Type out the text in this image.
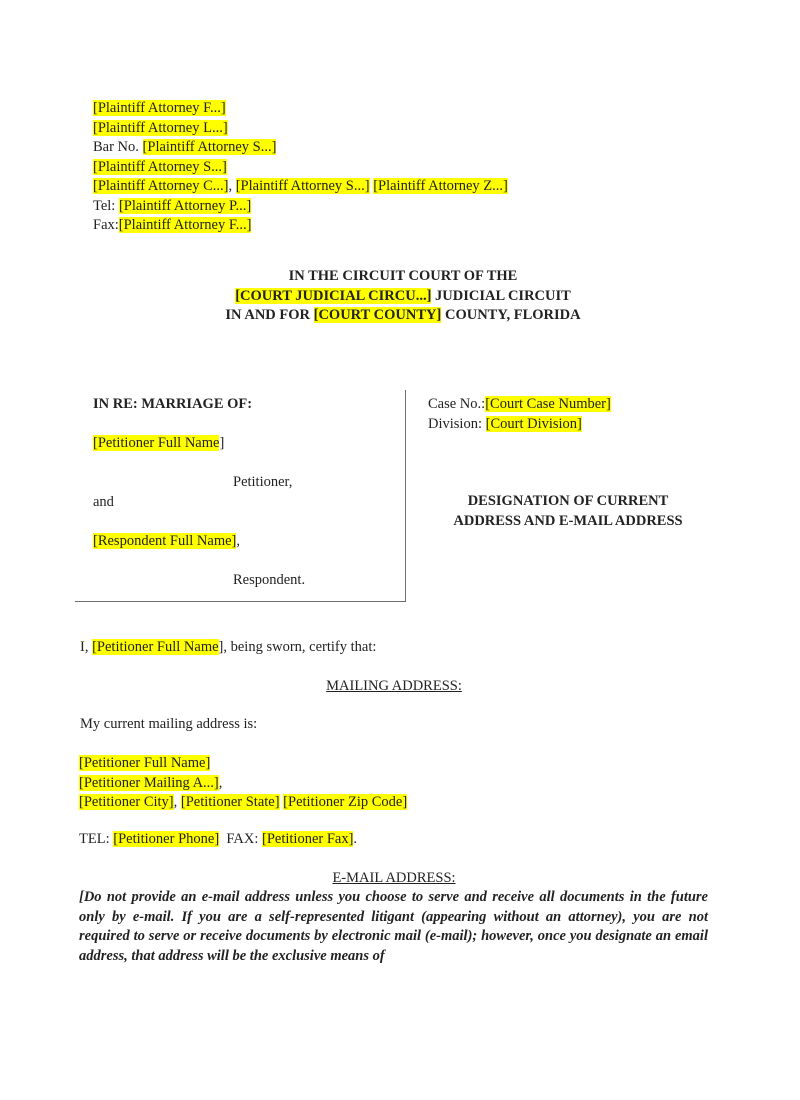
[Plaintiff Attorney F...]
[Plaintiff Attorney L...]
Bar No. [Plaintiff Attorney S...]
[Plaintiff Attorney S...]
[Plaintiff Attorney C...], [Plaintiff Attorney S...] [Plaintiff Attorney Z...]
Tel: [Plaintiff Attorney P...]
Fax:[Plaintiff Attorney F...]
IN THE CIRCUIT COURT OF THE
[COURT JUDICIAL CIRCU...] JUDICIAL CIRCUIT
IN AND FOR [COURT COUNTY] COUNTY, FLORIDA
IN RE: MARRIAGE OF:
[Petitioner Full Name]
Petitioner,
and
[Respondent Full Name],
Respondent.
Case No.:[Court Case Number]
Division: [Court Division]
DESIGNATION OF CURRENT
ADDRESS AND E-MAIL ADDRESS
I, [Petitioner Full Name], being sworn, certify that:
MAILING ADDRESS:
My current mailing address is:
[Petitioner Full Name]
[Petitioner Mailing A...],
[Petitioner City], [Petitioner State] [Petitioner Zip Code]
TEL: [Petitioner Phone]  FAX: [Petitioner Fax].
E-MAIL ADDRESS:
[Do not provide an e-mail address unless you choose to serve and receive all documents in the future only by e-mail. If you are a self-represented litigant (appearing without an attorney), you are not required to serve or receive documents by electronic mail (e-mail); however, once you designate an email address, that address will be the exclusive means of
